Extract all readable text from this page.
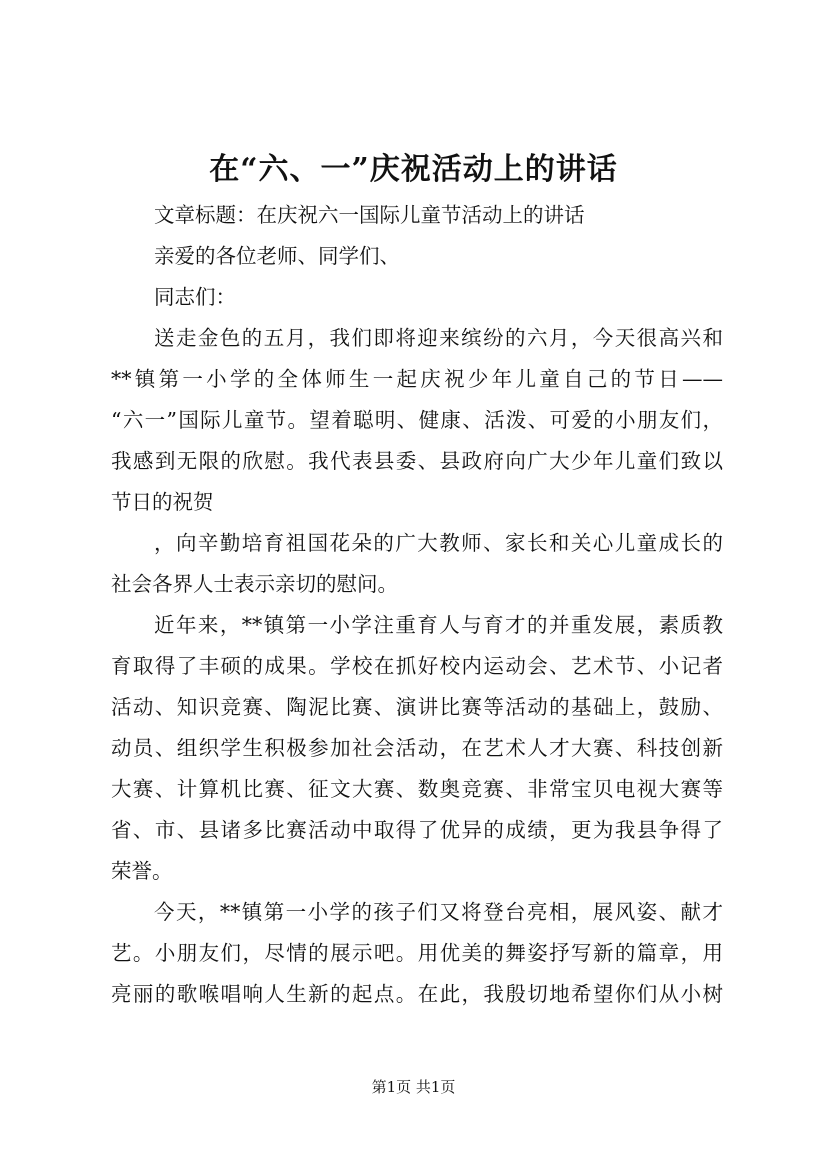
在“六、一”庆祝活动上的讲话
文章标题：在庆祝六一国际儿童节活动上的讲话
亲爱的各位老师、同学们、
同志们：
送走金色的五月，我们即将迎来缤纷的六月，今天很高兴和
**镇第一小学的全体师生一起庆祝少年儿童自己的节日——
“六一”国际儿童节。望着聪明、健康、活泼、可爱的小朋友们，
我感到无限的欣慰。我代表县委、县政府向广大少年儿童们致以
节日的祝贺
，向辛勤培育祖国花朵的广大教师、家长和关心儿童成长的
社会各界人士表示亲切的慰问。
近年来，**镇第一小学注重育人与育才的并重发展，素质教
育取得了丰硕的成果。学校在抓好校内运动会、艺术节、小记者
活动、知识竞赛、陶泥比赛、演讲比赛等活动的基础上，鼓励、
动员、组织学生积极参加社会活动，在艺术人才大赛、科技创新
大赛、计算机比赛、征文大赛、数奥竞赛、非常宝贝电视大赛等
省、市、县诸多比赛活动中取得了优异的成绩，更为我县争得了
荣誉。
今天，**镇第一小学的孩子们又将登台亮相，展风姿、献才
艺。小朋友们，尽情的展示吧。用优美的舞姿抒写新的篇章，用
亮丽的歌喉唱响人生新的起点。在此，我殷切地希望你们从小树
第1页 共1页
